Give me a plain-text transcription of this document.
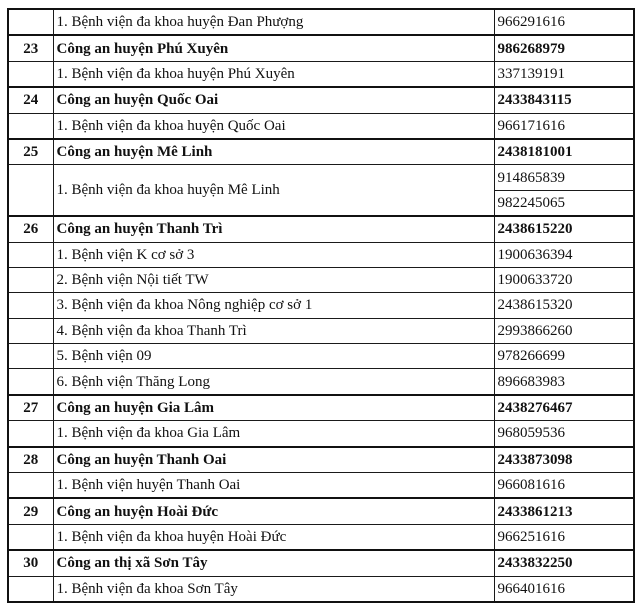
	1. Bệnh viện đa khoa huyện Đan Phượng	966291616
23	Công an huyện Phú Xuyên	986268979
	1. Bệnh viện đa khoa huyện Phú Xuyên	337139191
24	Công an huyện Quốc Oai	2433843115
	1. Bệnh viện đa khoa huyện Quốc Oai	966171616
25	Công an huyện Mê Linh	2438181001
	1. Bệnh viện đa khoa huyện Mê Linh	914865839
		982245065
26	Công an huyện Thanh Trì	2438615220
	1. Bệnh viện K cơ sở 3	1900636394
	2. Bệnh viện Nội tiết TW	1900633720
	3. Bệnh viện đa khoa Nông nghiệp cơ sở 1	2438615320
	4. Bệnh viện đa khoa Thanh Trì	2993866260
	5. Bệnh viện 09	978266699
	6. Bệnh viện Thăng Long	896683983
27	Công an huyện Gia Lâm	2438276467
	1. Bệnh viện đa khoa Gia Lâm	968059536
28	Công an huyện Thanh Oai	2433873098
	1. Bệnh viện huyện Thanh Oai	966081616
29	Công an huyện Hoài Đức	2433861213
	1. Bệnh viện đa khoa huyện Hoài Đức	966251616
30	Công an thị xã Sơn Tây	2433832250
	1. Bệnh viện đa khoa Sơn Tây	966401616
